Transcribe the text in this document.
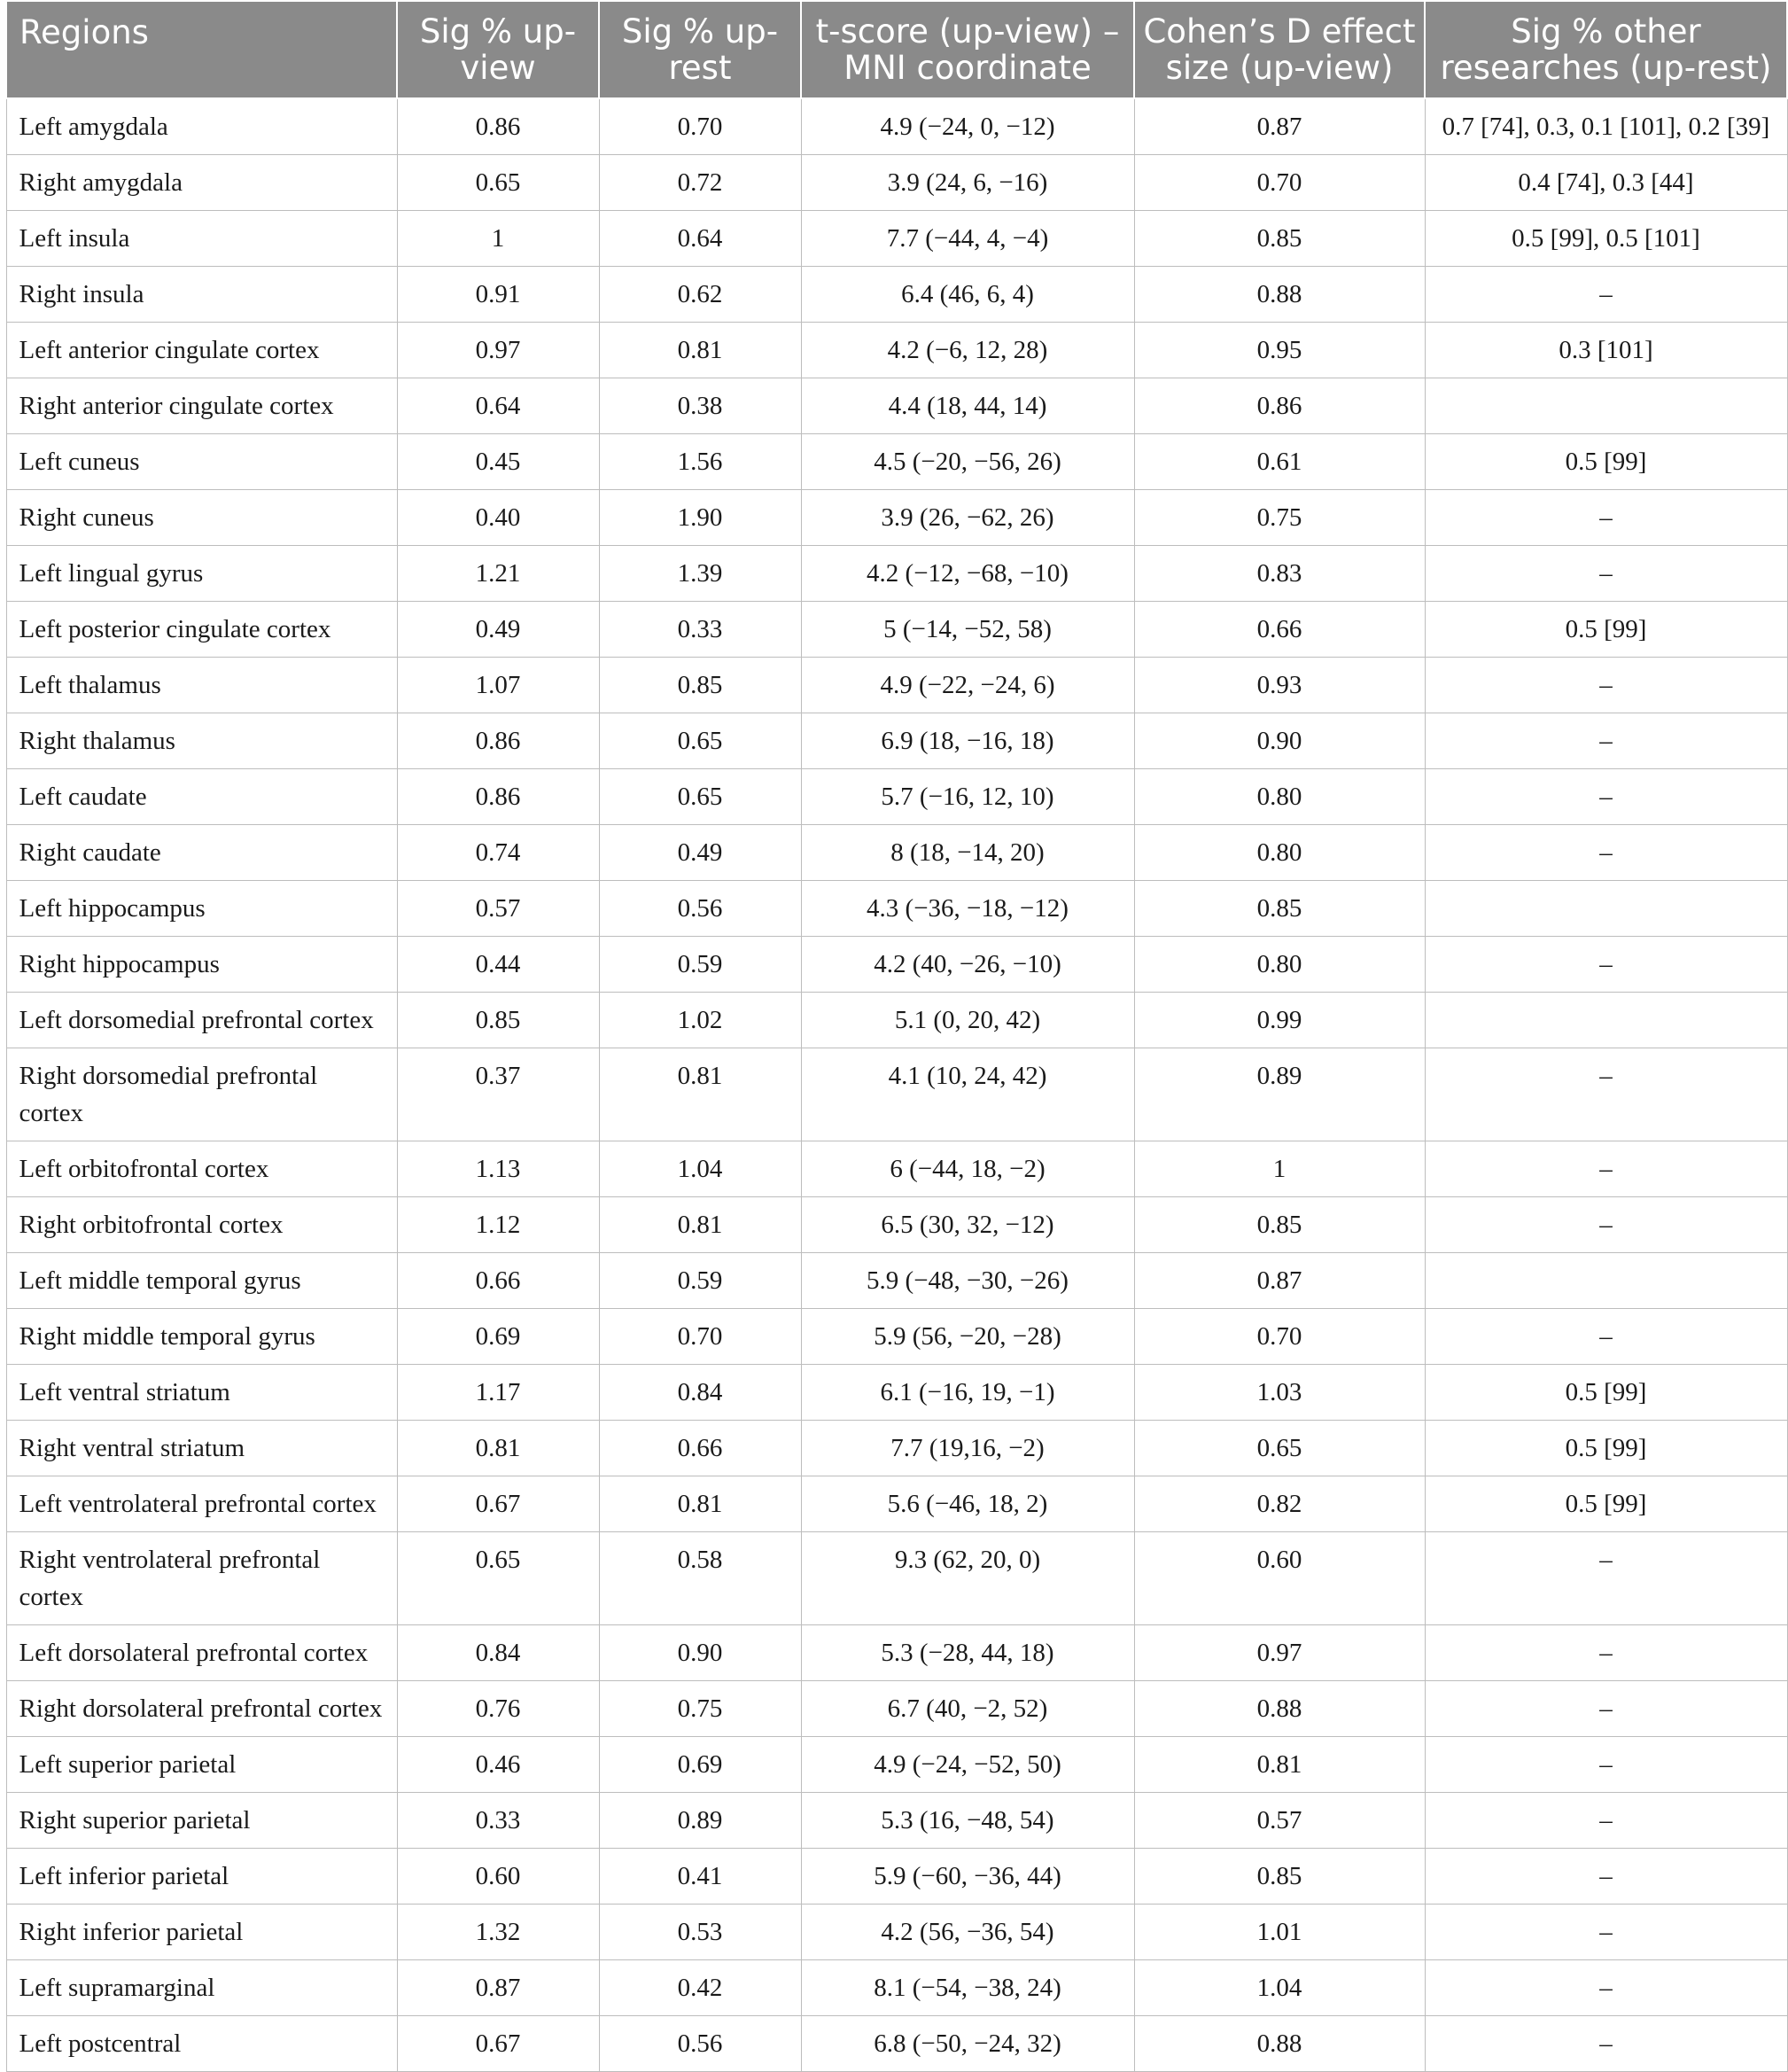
Regions	Sig % up-view	Sig % up-rest	t-score (up-view) – MNI coordinate	Cohen’s D effect size (up-view)	Sig % other researches (up-rest)
Left amygdala	0.86	0.70	4.9 (−24, 0, −12)	0.87	0.7 [74], 0.3, 0.1 [101], 0.2 [39]
Right amygdala	0.65	0.72	3.9 (24, 6, −16)	0.70	0.4 [74], 0.3 [44]
Left insula	1	0.64	7.7 (−44, 4, −4)	0.85	0.5 [99], 0.5 [101]
Right insula	0.91	0.62	6.4 (46, 6, 4)	0.88	–
Left anterior cingulate cortex	0.97	0.81	4.2 (−6, 12, 28)	0.95	0.3 [101]
Right anterior cingulate cortex	0.64	0.38	4.4 (18, 44, 14)	0.86	
Left cuneus	0.45	1.56	4.5 (−20, −56, 26)	0.61	0.5 [99]
Right cuneus	0.40	1.90	3.9 (26, −62, 26)	0.75	–
Left lingual gyrus	1.21	1.39	4.2 (−12, −68, −10)	0.83	–
Left posterior cingulate cortex	0.49	0.33	5 (−14, −52, 58)	0.66	0.5 [99]
Left thalamus	1.07	0.85	4.9 (−22, −24, 6)	0.93	–
Right thalamus	0.86	0.65	6.9 (18, −16, 18)	0.90	–
Left caudate	0.86	0.65	5.7 (−16, 12, 10)	0.80	–
Right caudate	0.74	0.49	8 (18, −14, 20)	0.80	–
Left hippocampus	0.57	0.56	4.3 (−36, −18, −12)	0.85	
Right hippocampus	0.44	0.59	4.2 (40, −26, −10)	0.80	–
Left dorsomedial prefrontal cortex	0.85	1.02	5.1 (0, 20, 42)	0.99	
Right dorsomedial prefrontal cortex	0.37	0.81	4.1 (10, 24, 42)	0.89	–
Left orbitofrontal cortex	1.13	1.04	6 (−44, 18, −2)	1	–
Right orbitofrontal cortex	1.12	0.81	6.5 (30, 32, −12)	0.85	–
Left middle temporal gyrus	0.66	0.59	5.9 (−48, −30, −26)	0.87	
Right middle temporal gyrus	0.69	0.70	5.9 (56, −20, −28)	0.70	–
Left ventral striatum	1.17	0.84	6.1 (−16, 19, −1)	1.03	0.5 [99]
Right ventral striatum	0.81	0.66	7.7 (19,16, −2)	0.65	0.5 [99]
Left ventrolateral prefrontal cortex	0.67	0.81	5.6 (−46, 18, 2)	0.82	0.5 [99]
Right ventrolateral prefrontal cortex	0.65	0.58	9.3 (62, 20, 0)	0.60	–
Left dorsolateral prefrontal cortex	0.84	0.90	5.3 (−28, 44, 18)	0.97	–
Right dorsolateral prefrontal cortex	0.76	0.75	6.7 (40, −2, 52)	0.88	–
Left superior parietal	0.46	0.69	4.9 (−24, −52, 50)	0.81	–
Right superior parietal	0.33	0.89	5.3 (16, −48, 54)	0.57	–
Left inferior parietal	0.60	0.41	5.9 (−60, −36, 44)	0.85	–
Right inferior parietal	1.32	0.53	4.2 (56, −36, 54)	1.01	–
Left supramarginal	0.87	0.42	8.1 (−54, −38, 24)	1.04	–
Left postcentral	0.67	0.56	6.8 (−50, −24, 32)	0.88	–
